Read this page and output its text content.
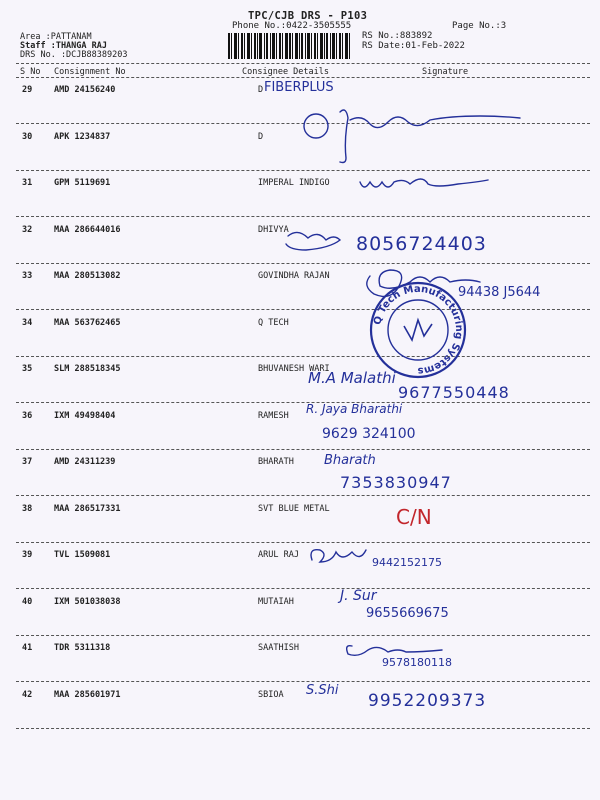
TPC/CJB DRS - P103
Phone No.:0422-3505555	Page No.:3
Area :PATTANAM
Staff :THANGA RAJ
DRS No. :DCJB88389203
RS No.:883892
RS Date:01-Feb-2022
S No Consignment No	Consignee Details	Signature
29	AMD 24156240	D
30	APK 1234837	D
31	GPM 5119691	IMPERAL INDIGO
32	MAA 286644016	DHIVYA
33	MAA 280513082	GOVINDHA RAJAN
34	MAA 563762465	Q TECH
35	SLM 288518345	BHUVANESH WARI
36	IXM 49498404	RAMESH
37	AMD 24311239	BHARATH
38	MAA 286517331	SVT BLUE METAL
39	TVL 1509081	ARUL RAJ
40	IXM 501038038	MUTAIAH
41	TDR 5311318	SAATHISH
42	MAA 285601971	SBIOA
FIBERPLUS
8056724403
94438 J5644
M.A Malathi
9677550448
R. Jaya Bharathi
9629 324100
Bharath
7353830947
C/N
9442152175
J. Sur
9655669675
9578180118
S.Shi
9952209373
Q Tech Manufacturing Systems
